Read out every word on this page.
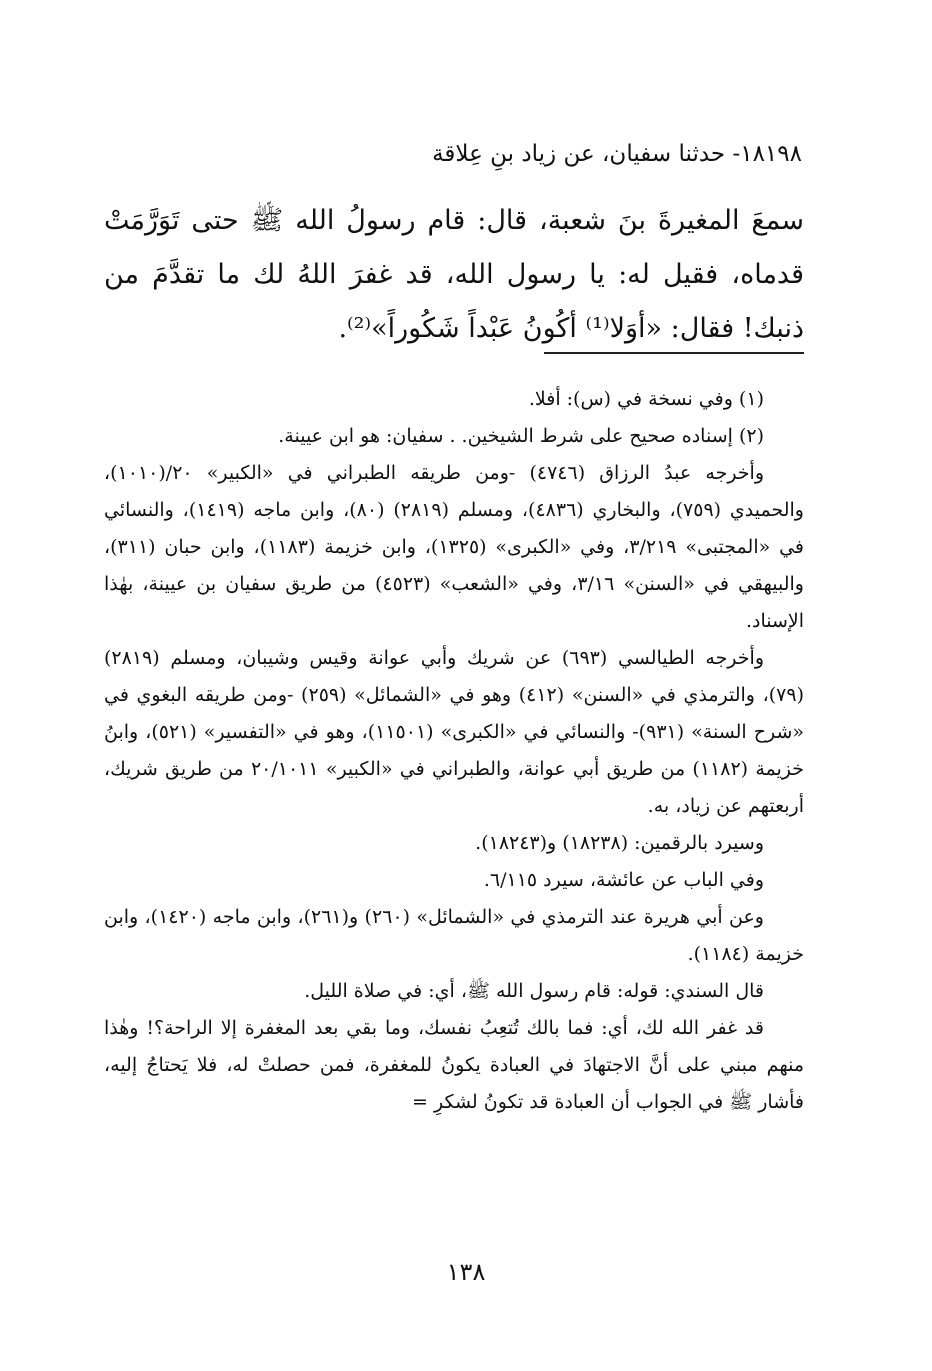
١٨١٩٨- حدثنا سفيان، عن زياد بنِ عِلاقة
سمعَ المغيرةَ بنَ شعبة، قال: قام رسولُ الله ﷺ حتى تَوَرَّمَتْ قدماه، فقيل له: يا رسول الله، قد غفرَ اللهُ لك ما تقدَّمَ من ذنبك! فقال: «أوَلا⁽¹⁾ أكُونُ عَبْداً شَكُوراً»⁽²⁾.

(١) وفي نسخة في (س): أفلا.

(٢) إسناده صحيح على شرط الشيخين. . سفيان: هو ابن عيينة.

وأخرجه عبدُ الرزاق (٤٧٤٦) -ومن طريقه الطبراني في «الكبير» ٢٠/(١٠١٠)، والحميدي (٧٥٩)، والبخاري (٤٨٣٦)، ومسلم (٢٨١٩) (٨٠)، وابن ماجه (١٤١٩)، والنسائي في «المجتبى» ٣/٢١٩، وفي «الكبرى» (١٣٢٥)، وابن خزيمة (١١٨٣)، وابن حبان (٣١١)، والبيهقي في «السنن» ٣/١٦، وفي «الشعب» (٤٥٢٣) من طريق سفيان بن عيينة، بهٰذا الإسناد.

وأخرجه الطيالسي (٦٩٣) عن شريك وأبي عوانة وقيس وشيبان، ومسلم (٢٨١٩) (٧٩)، والترمذي في «السنن» (٤١٢) وهو في «الشمائل» (٢٥٩) -ومن طريقه البغوي في «شرح السنة» (٩٣١)- والنسائي في «الكبرى» (١١٥٠١)، وهو في «التفسير» (٥٢١)، وابنُ خزيمة (١١٨٢) من طريق أبي عوانة، والطبراني في «الكبير» ٢٠/١٠١١ من طريق شريك، أربعتهم عن زياد، به.

وسيرد بالرقمين: (١٨٢٣٨) و(١٨٢٤٣).

وفي الباب عن عائشة، سيرد ٦/١١٥.

وعن أبي هريرة عند الترمذي في «الشمائل» (٢٦٠) و(٢٦١)، وابن ماجه (١٤٢٠)، وابن خزيمة (١١٨٤).

قال السندي: قوله: قام رسول الله ﷺ، أي: في صلاة الليل.

قد غفر الله لك، أي: فما بالك تُتعِبُ نفسك، وما بقي بعد المغفرة إلا الراحة؟! وهٰذا منهم مبني على أنَّ الاجتهادَ في العبادة يكونُ للمغفرة، فمن حصلتْ له، فلا يَحتاجُ إليه، فأشار ﷺ في الجواب أن العبادة قد تكونُ لشكرِ =

١٣٨
